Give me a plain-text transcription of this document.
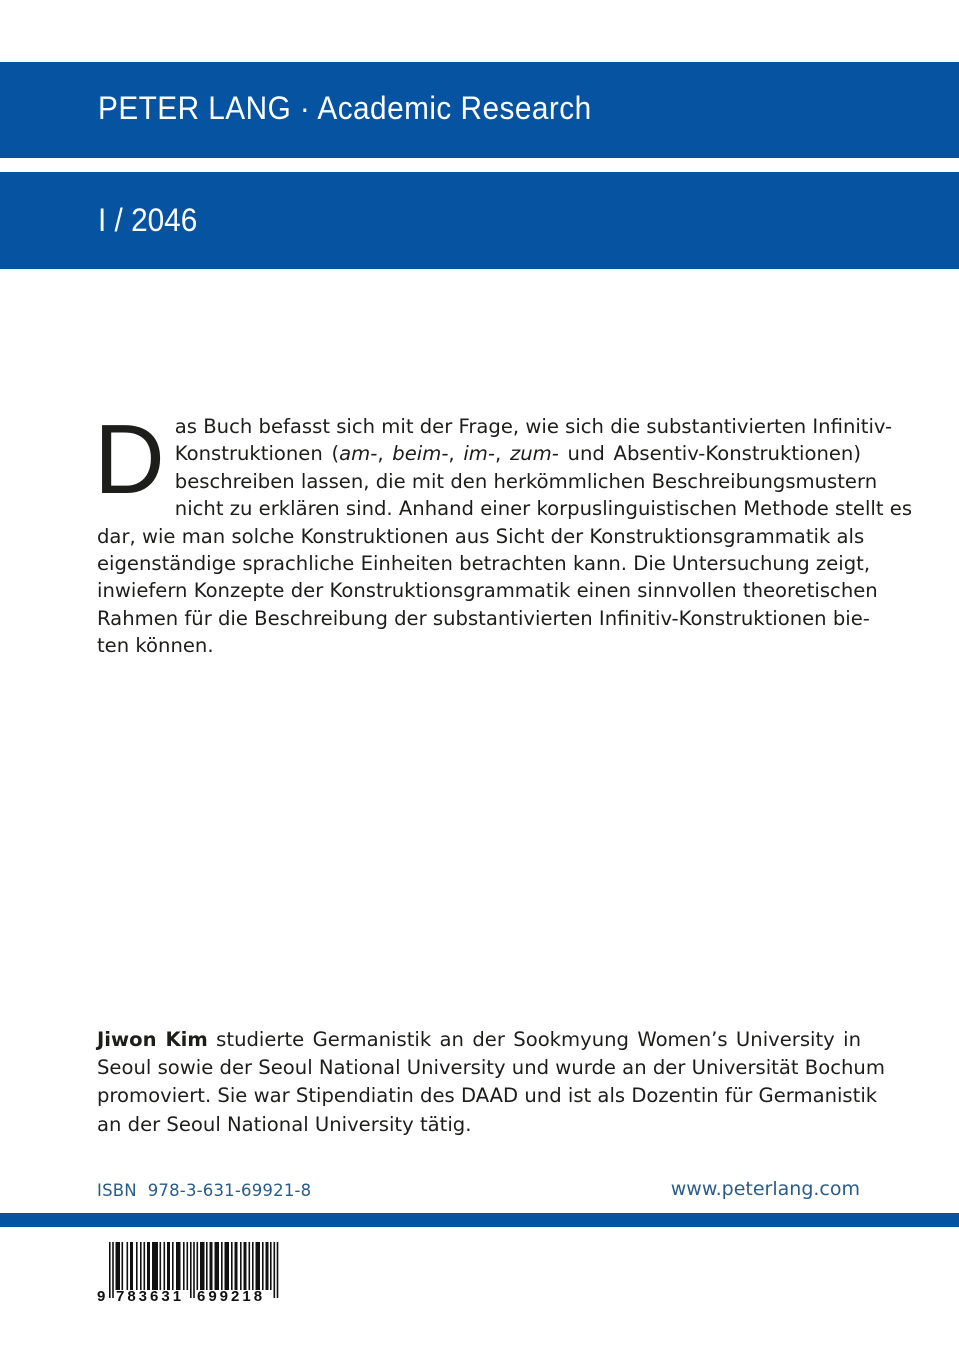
PETER LANG · Academic Research
I / 2046
D as Buch befasst sich mit der Frage, wie sich die substantivierten Infinitiv-
Konstruktionen (am-, beim-, im-, zum- und Absentiv-Konstruktionen)
beschreiben lassen, die mit den herkömmlichen Beschreibungsmustern
nicht zu erklären sind. Anhand einer korpuslinguistischen Methode stellt es
dar, wie man solche Konstruktionen aus Sicht der Konstruktionsgrammatik als
eigenständige sprachliche Einheiten betrachten kann. Die Untersuchung zeigt,
inwiefern Konzepte der Konstruktionsgrammatik einen sinnvollen theoretischen
Rahmen für die Beschreibung der substantivierten Infinitiv-Konstruktionen bie-
ten können.
Jiwon Kim studierte Germanistik an der Sookmyung Women’s University in
Seoul sowie der Seoul National University und wurde an der Universität Bochum
promoviert. Sie war Stipendiatin des DAAD und ist als Dozentin für Germanistik
an der Seoul National University tätig.
ISBN  978-3-631-69921-8	www.peterlang.com
9 783631 699218
